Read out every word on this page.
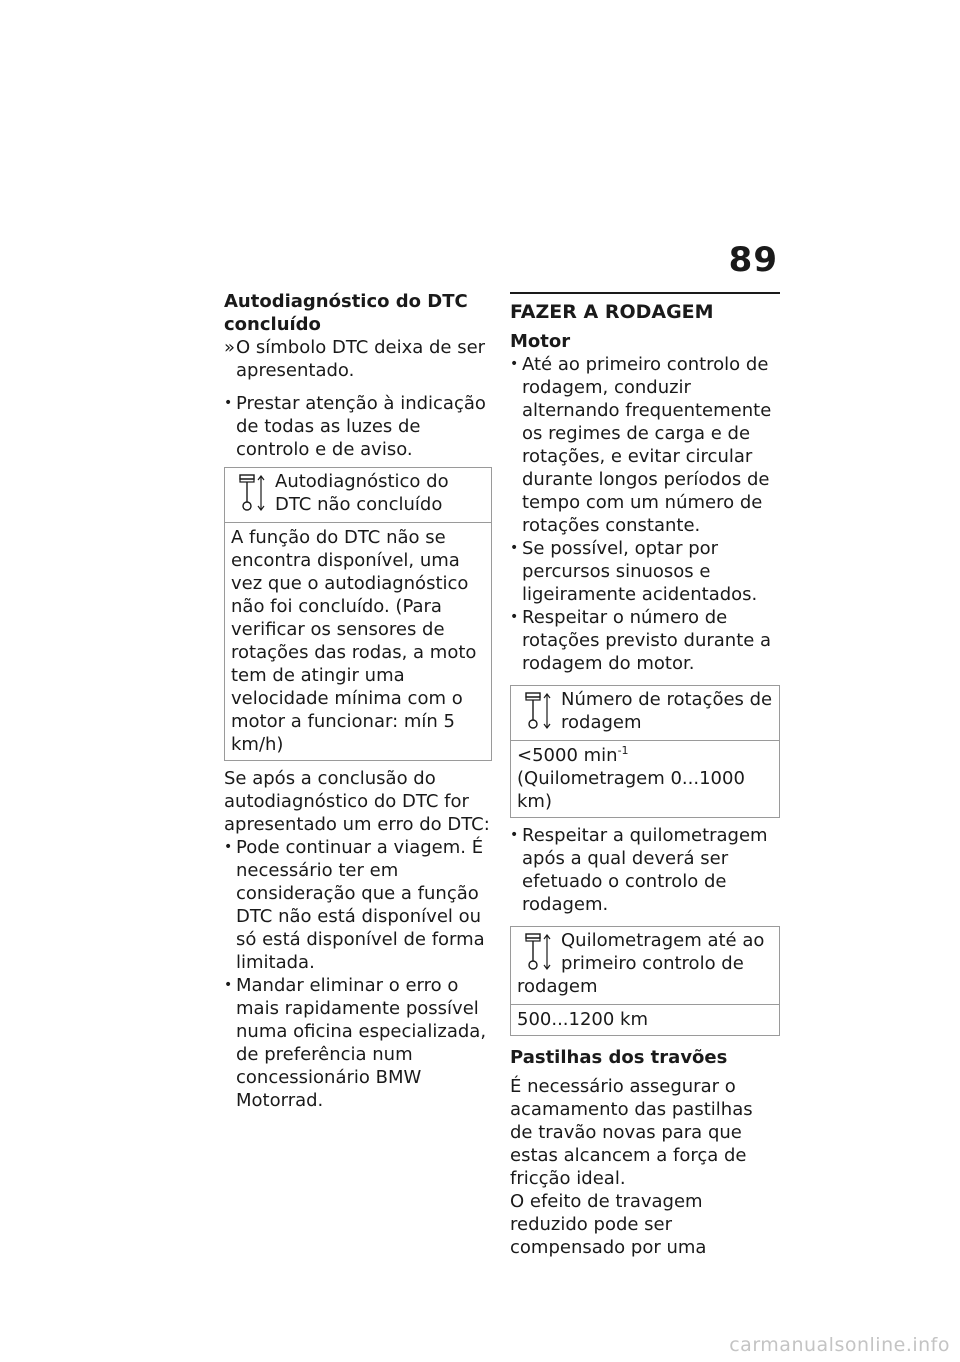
89

Autodiagnóstico do DTC concluído

» O símbolo DTC deixa de ser apresentado.
• Prestar atenção à indicação de todas as luzes de controlo e de aviso.
Autodiagnóstico do DTC não concluído
A função do DTC não se encontra disponível, uma vez que o autodiagnóstico não foi concluído. (Para verificar os sensores de rotações das rodas, a moto tem de atingir uma velocidade mínima com o motor a funcionar: mín 5 km/h)

Se após a conclusão do autodiagnóstico do DTC for apresentado um erro do DTC:

• Pode continuar a viagem. É necessário ter em consideração que a função DTC não está disponível ou só está disponível de forma limitada.
• Mandar eliminar o erro o mais rapidamente possível numa oficina especializada, de preferência num concessionário BMW Motorrad.

FAZER A RODAGEM

Motor

• Até ao primeiro controlo de rodagem, conduzir alternando frequentemente os regimes de carga e de rotações, e evitar circular durante longos períodos de tempo com um número de rotações constante.
• Se possível, optar por percursos sinuosos e ligeiramente acidentados.
• Respeitar o número de rotações previsto durante a rodagem do motor.
Número de rotações de rodagem
<5000 $\min^{-1}$ (Quilometragem 0...1000 km)
• Respeitar a quilometragem após a qual deverá ser efetuado o controlo de rodagem.
Quilometragem até ao primeiro controlo de rodagem
500...1200 km

Pastilhas dos travões

É necessário assegurar o acamamento das pastilhas de travão novas para que estas alcancem a força de fricção ideal.

O efeito de travagem reduzido pode ser compensado por uma

carmanualsonline.info
